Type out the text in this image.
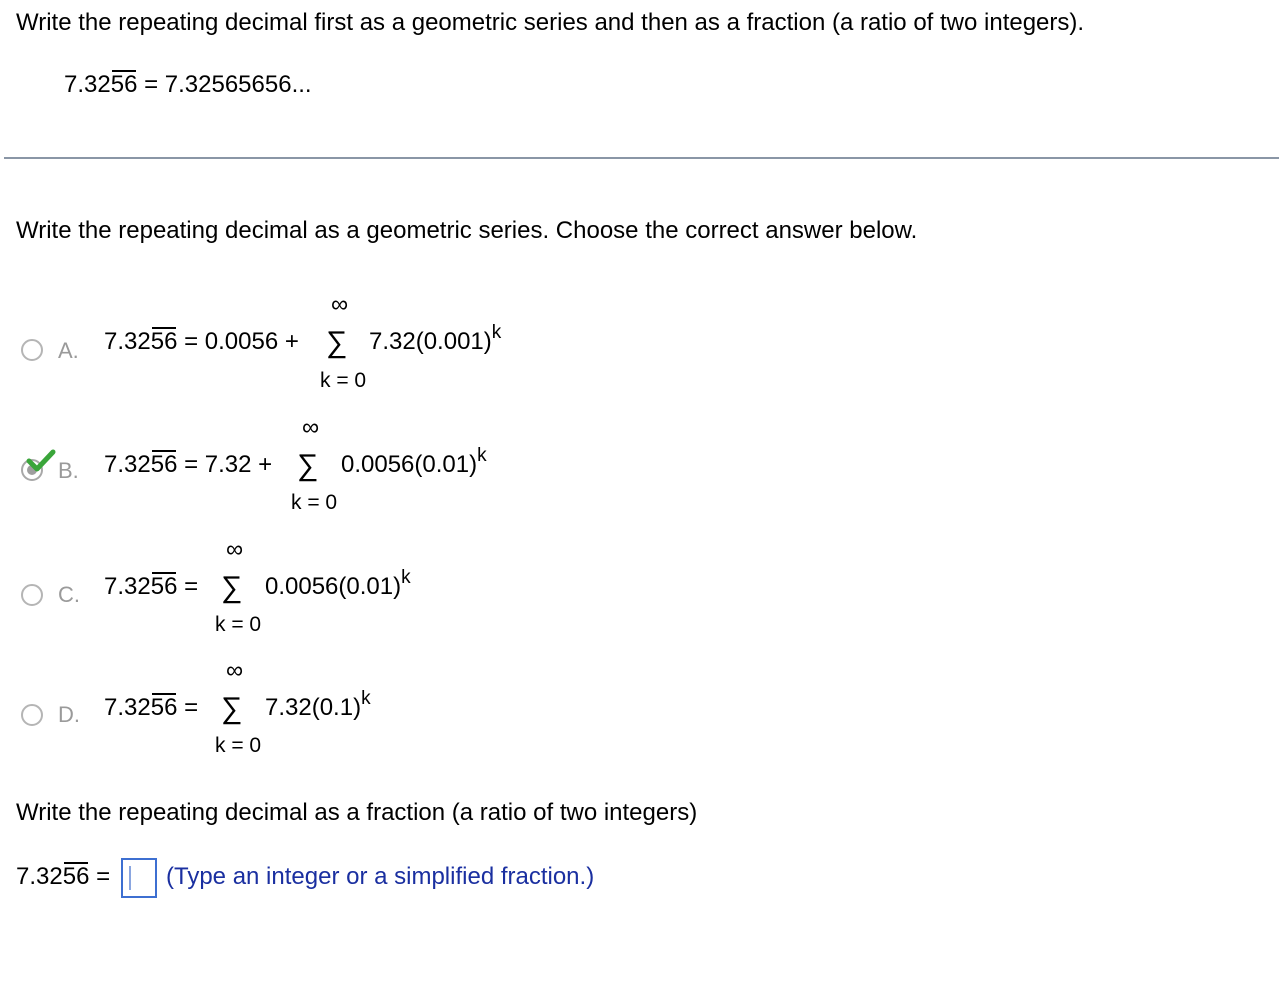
Write the repeating decimal first as a geometric series and then as a fraction (a ratio of two integers).
7.3256 = 7.32565656...
Write the repeating decimal as a geometric series. Choose the correct answer below.
A. 7.3256 = 0.0056 +
∞
∑
k = 0
$7.32(0.001)^k$
B. 7.3256 = 7.32 +
∞
∑
k = 0
$0.0056(0.01)^k$
C. 7.3256 =
∞
∑
k = 0
$0.0056(0.01)^k$
D. 7.3256 =
∞
∑
k = 0
$7.32(0.1)^k$
Write the repeating decimal as a fraction (a ratio of two integers)
7.3256 = (Type an integer or a simplified fraction.)
